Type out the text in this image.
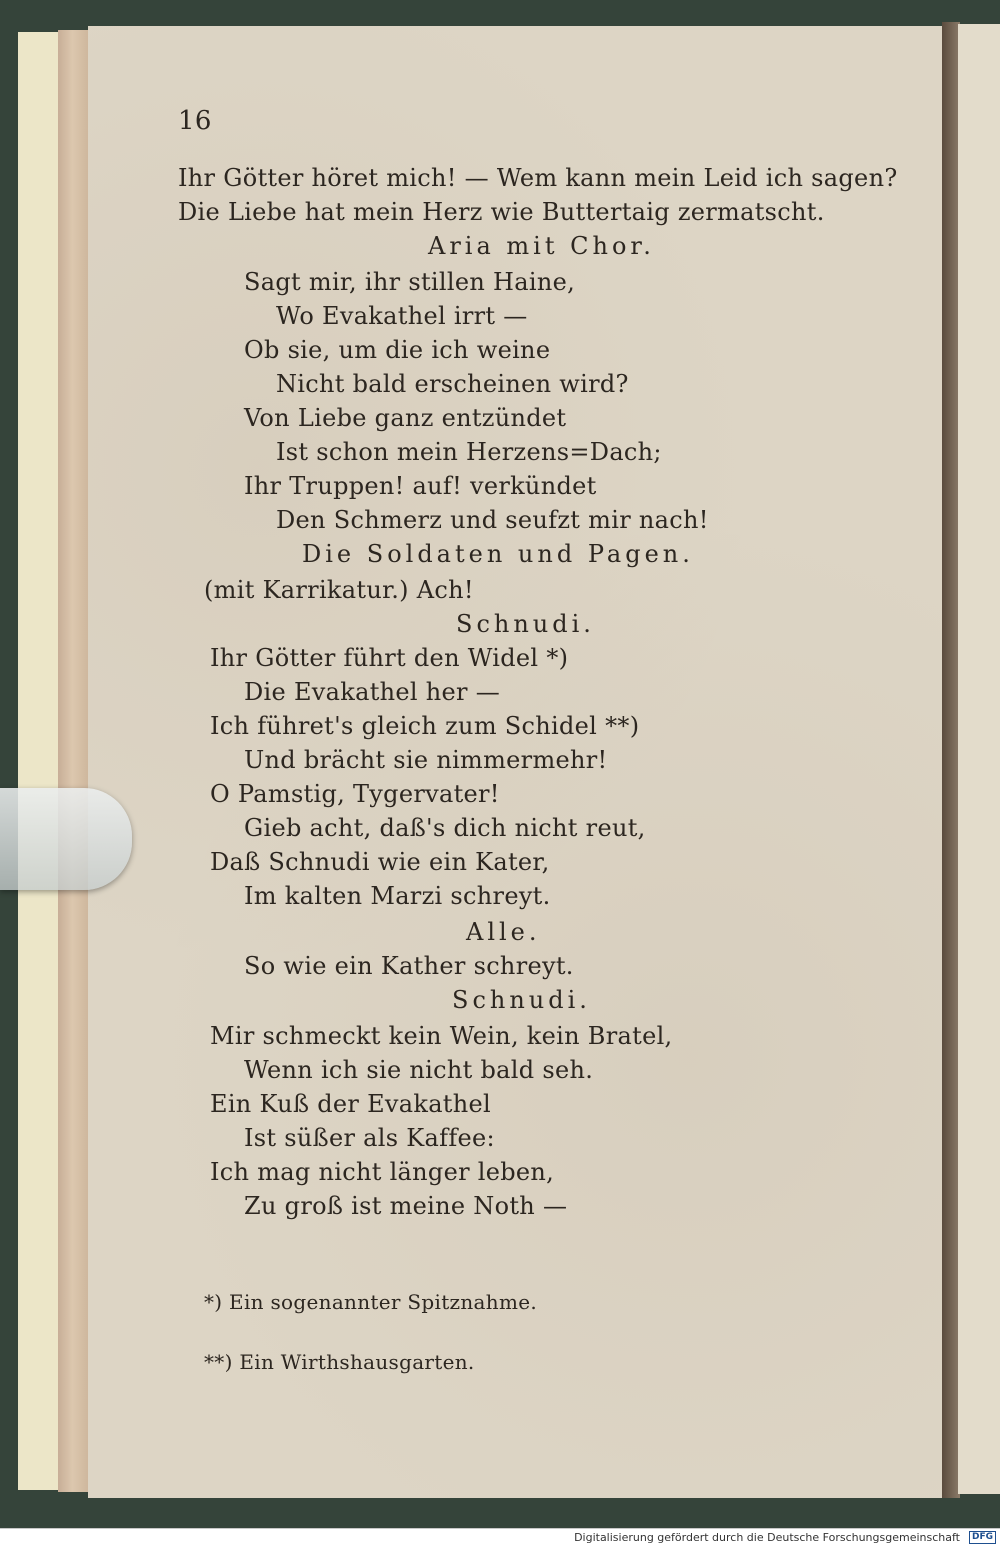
16
Ihr Götter höret mich! — Wem kann mein Leid ich sagen?
Die Liebe hat mein Herz wie Buttertaig zermatscht.
Aria mit Chor.
Sagt mir, ihr stillen Haine,
Wo Evakathel irrt —
Ob sie, um die ich weine
Nicht bald erscheinen wird?
Von Liebe ganz entzündet
Ist schon mein Herzens=Dach;
Ihr Truppen! auf! verkündet
Den Schmerz und seufzt mir nach!
Die Soldaten und Pagen.
(mit Karrikatur.) Ach!
Schnudi.
Ihr Götter führt den Widel *)
Die Evakathel her —
Ich führet's gleich zum Schidel **)
Und brächt sie nimmermehr!
O Pamstig, Tygervater!
Gieb acht, daß's dich nicht reut,
Daß Schnudi wie ein Kater,
Im kalten Marzi schreyt.
Alle.
So wie ein Kather schreyt.
Schnudi.
Mir schmeckt kein Wein, kein Bratel,
Wenn ich sie nicht bald seh.
Ein Kuß der Evakathel
Ist süßer als Kaffee:
Ich mag nicht länger leben,
Zu groß ist meine Noth —
*) Ein sogenannter Spitznahme.
**) Ein Wirthshausgarten.
Digitalisierung gefördert durch die Deutsche Forschungsgemeinschaft	DFG
